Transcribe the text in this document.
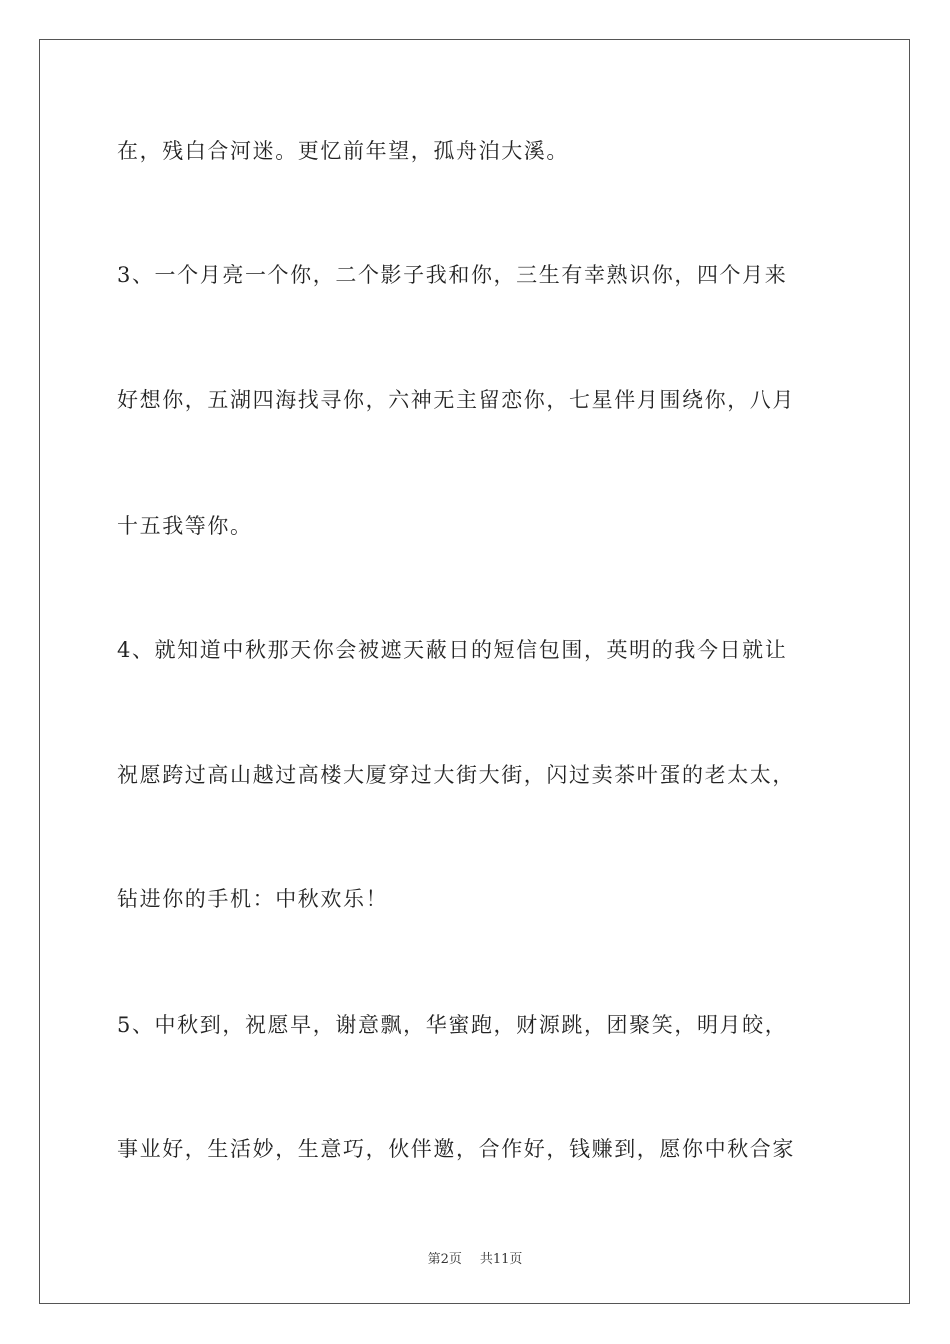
在，残白合河迷。更忆前年望，孤舟泊大溪。
3、一个月亮一个你，二个影子我和你，三生有幸熟识你，四个月来
好想你，五湖四海找寻你，六神无主留恋你，七星伴月围绕你，八月
十五我等你。
4、就知道中秋那天你会被遮天蔽日的短信包围，英明的我今日就让
祝愿跨过高山越过高楼大厦穿过大街大街，闪过卖茶叶蛋的老太太，
钻进你的手机：中秋欢乐！
5、中秋到，祝愿早，谢意飘，华蜜跑，财源跳，团聚笑，明月皎，
事业好，生活妙，生意巧，伙伴邀，合作好，钱赚到，愿你中秋合家
第2页 共11页
